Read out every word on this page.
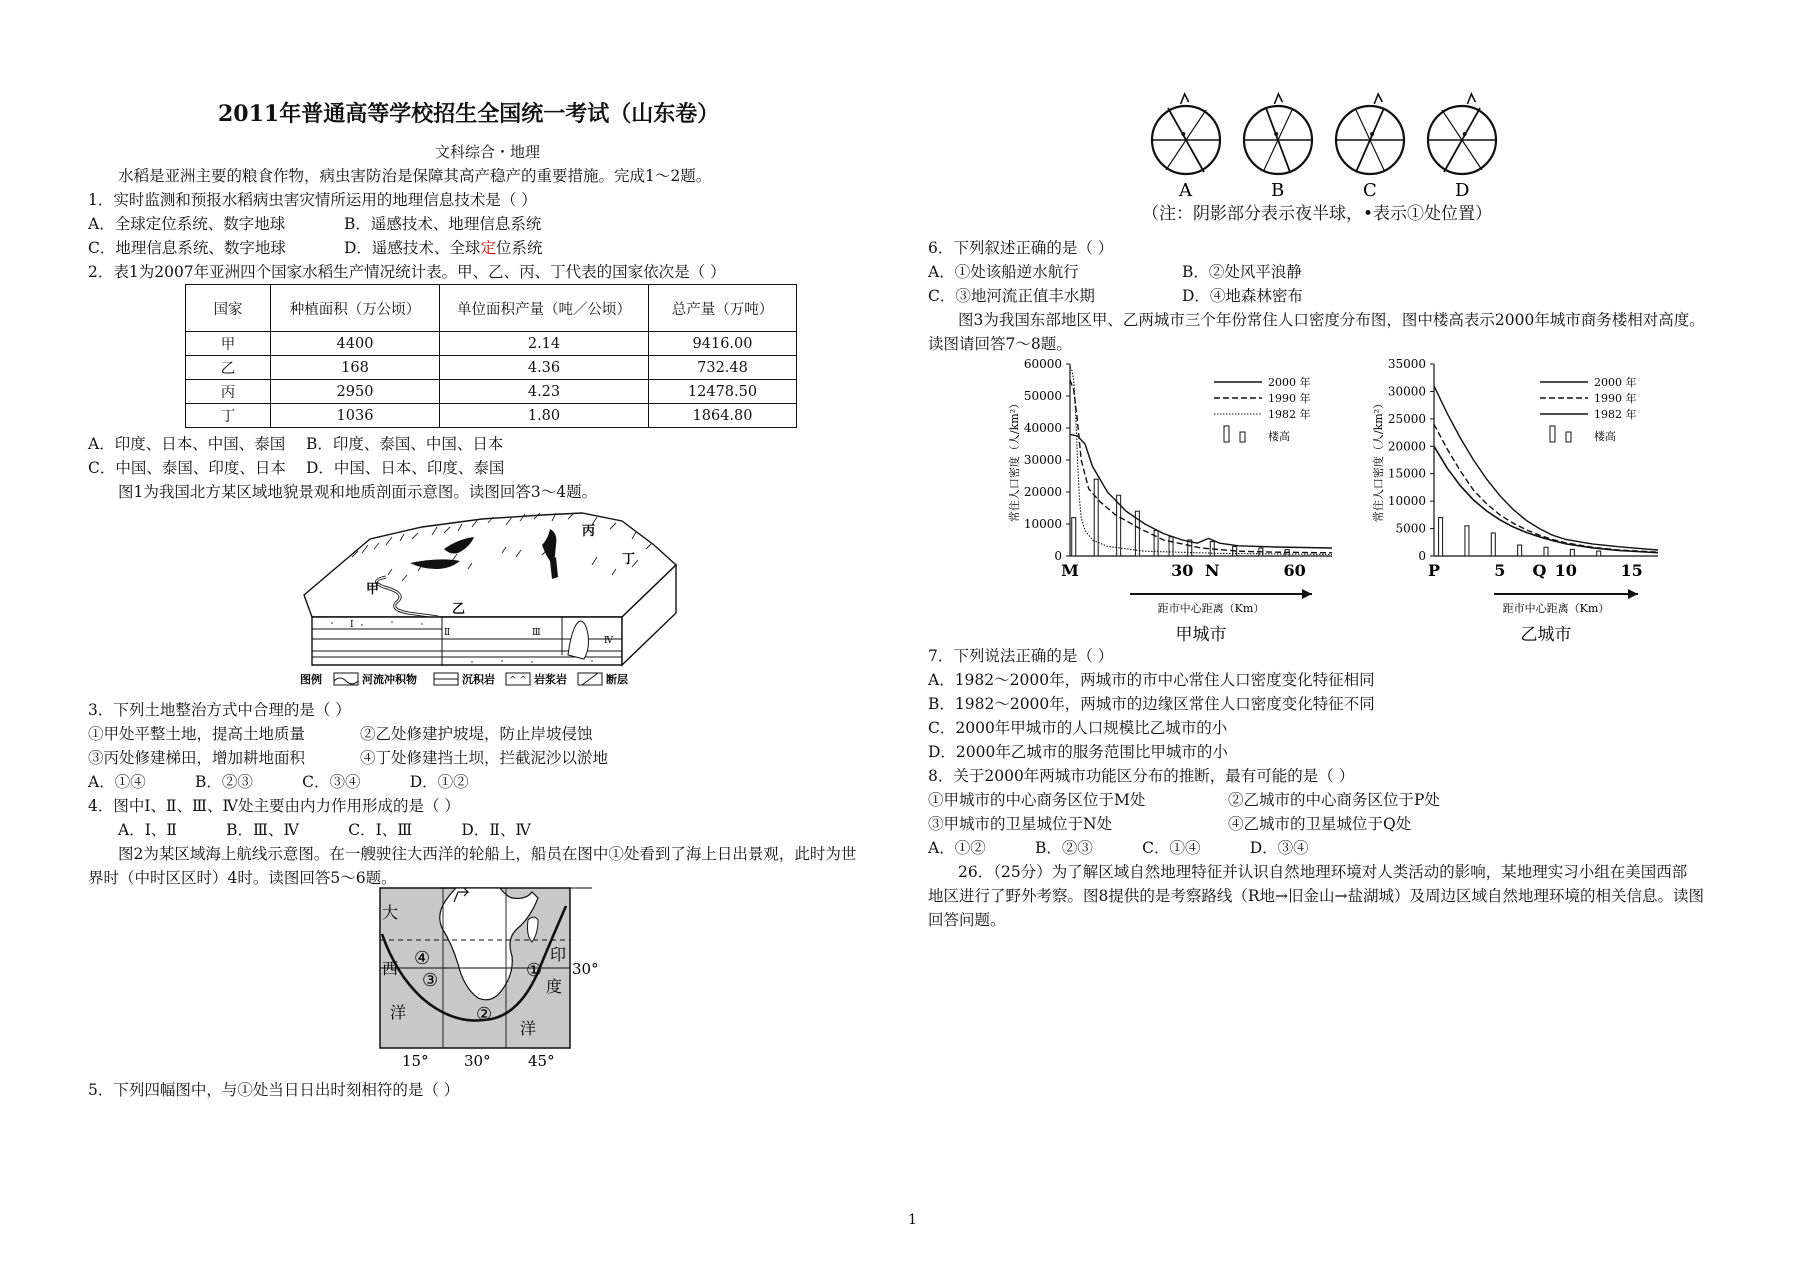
2011年普通高等学校招生全国统一考试（山东卷）
文科综合・地理
水稻是亚洲主要的粮食作物，病虫害防治是保障其高产稳产的重要措施。完成1～2题。
1．实时监测和预报水稻病虫害灾情所运用的地理信息技术是（ ）
A．全球定位系统、数字地球	B．遥感技术、地理信息系统
C．地理信息系统、数字地球	D．遥感技术、全球定位系统
2．表1为2007年亚洲四个国家水稻生产情况统计表。甲、乙、丙、丁代表的国家依次是（ ）
国家	种植面积（万公顷）	单位面积产量（吨／公顷）	总产量（万吨）
甲	4400	2.14	9416.00
乙	168	4.36	732.48
丙	2950	4.23	12478.50
丁	1036	1.80	1864.80
A．印度、日本、中国、泰国 B．印度、泰国、中国、日本
C．中国、泰国、印度、日本 D．中国、日本、印度、泰国
图1为我国北方某区域地貌景观和地质剖面示意图。读图回答3～4题。
甲
乙
丙
丁
Ⅰ
Ⅱ	Ⅲ
Ⅳ
图例	河流冲积物	沉积岩 ^ ^ 岩浆岩	断层
3．下列土地整治方式中合理的是（ ）
①甲处平整土地，提高土地质量	②乙处修建护坡堤，防止岸坡侵蚀
③丙处修建梯田，增加耕地面积	④丁处修建挡土坝，拦截泥沙以淤地
A．①④          B．②③          C．③④          D．①②
4．图中Ⅰ、Ⅱ、Ⅲ、Ⅳ处主要由内力作用形成的是（ ）
A．Ⅰ、Ⅱ          B．Ⅲ、Ⅳ          C．Ⅰ、Ⅲ          D．Ⅱ、Ⅳ
图2为某区域海上航线示意图。在一艘驶往大西洋的轮船上，船员在图中①处看到了海上日出景观，此时为世
界时（中时区区时）4时。读图回答5～6题。
大
西
洋
印
度
洋
①
②
③
④	30°
15° 30° 45°
5．下列四幅图中，与①处当日日出时刻相符的是（ ）
A	B	C	D
（注：阴影部分表示夜半球，•表示①处位置）
6．下列叙述正确的是（ ）
A．①处该船逆水航行	B．②处风平浪静
C．③地河流正值丰水期	D．④地森林密布
图3为我国东部地区甲、乙两城市三个年份常住人口密度分布图，图中楼高表示2000年城市商务楼相对高度。
读图请回答7～8题。
60000
50000
40000
30000
20000
10000
0
常住人口密度（人/km²）
M	30 N	60
距市中心距离（Km）
甲城市
2000 年
1990 年
1982 年
楼高
35000
30000
25000
20000
15000
10000
5000
0
常住人口密度（人/km²）
P	5 Q 10	15
距市中心距离（Km）
乙城市
2000 年
1990 年
1982 年
楼高
7．下列说法正确的是（ ）
A．1982～2000年，两城市的市中心常住人口密度变化特征相同
B．1982～2000年，两城市的边缘区常住人口密度变化特征不同
C．2000年甲城市的人口规模比乙城市的小
D．2000年乙城市的服务范围比甲城市的小
8．关于2000年两城市功能区分布的推断，最有可能的是（ ）
①甲城市的中心商务区位于M处	②乙城市的中心商务区位于P处
③甲城市的卫星城位于N处	④乙城市的卫星城位于Q处
A．①②          B．②③          C．①④          D．③④
26．（25分）为了解区域自然地理特征并认识自然地理环境对人类活动的影响，某地理实习小组在美国西部
地区进行了野外考察。图8提供的是考察路线（R地→旧金山→盐湖城）及周边区域自然地理环境的相关信息。读图
回答问题。
1
